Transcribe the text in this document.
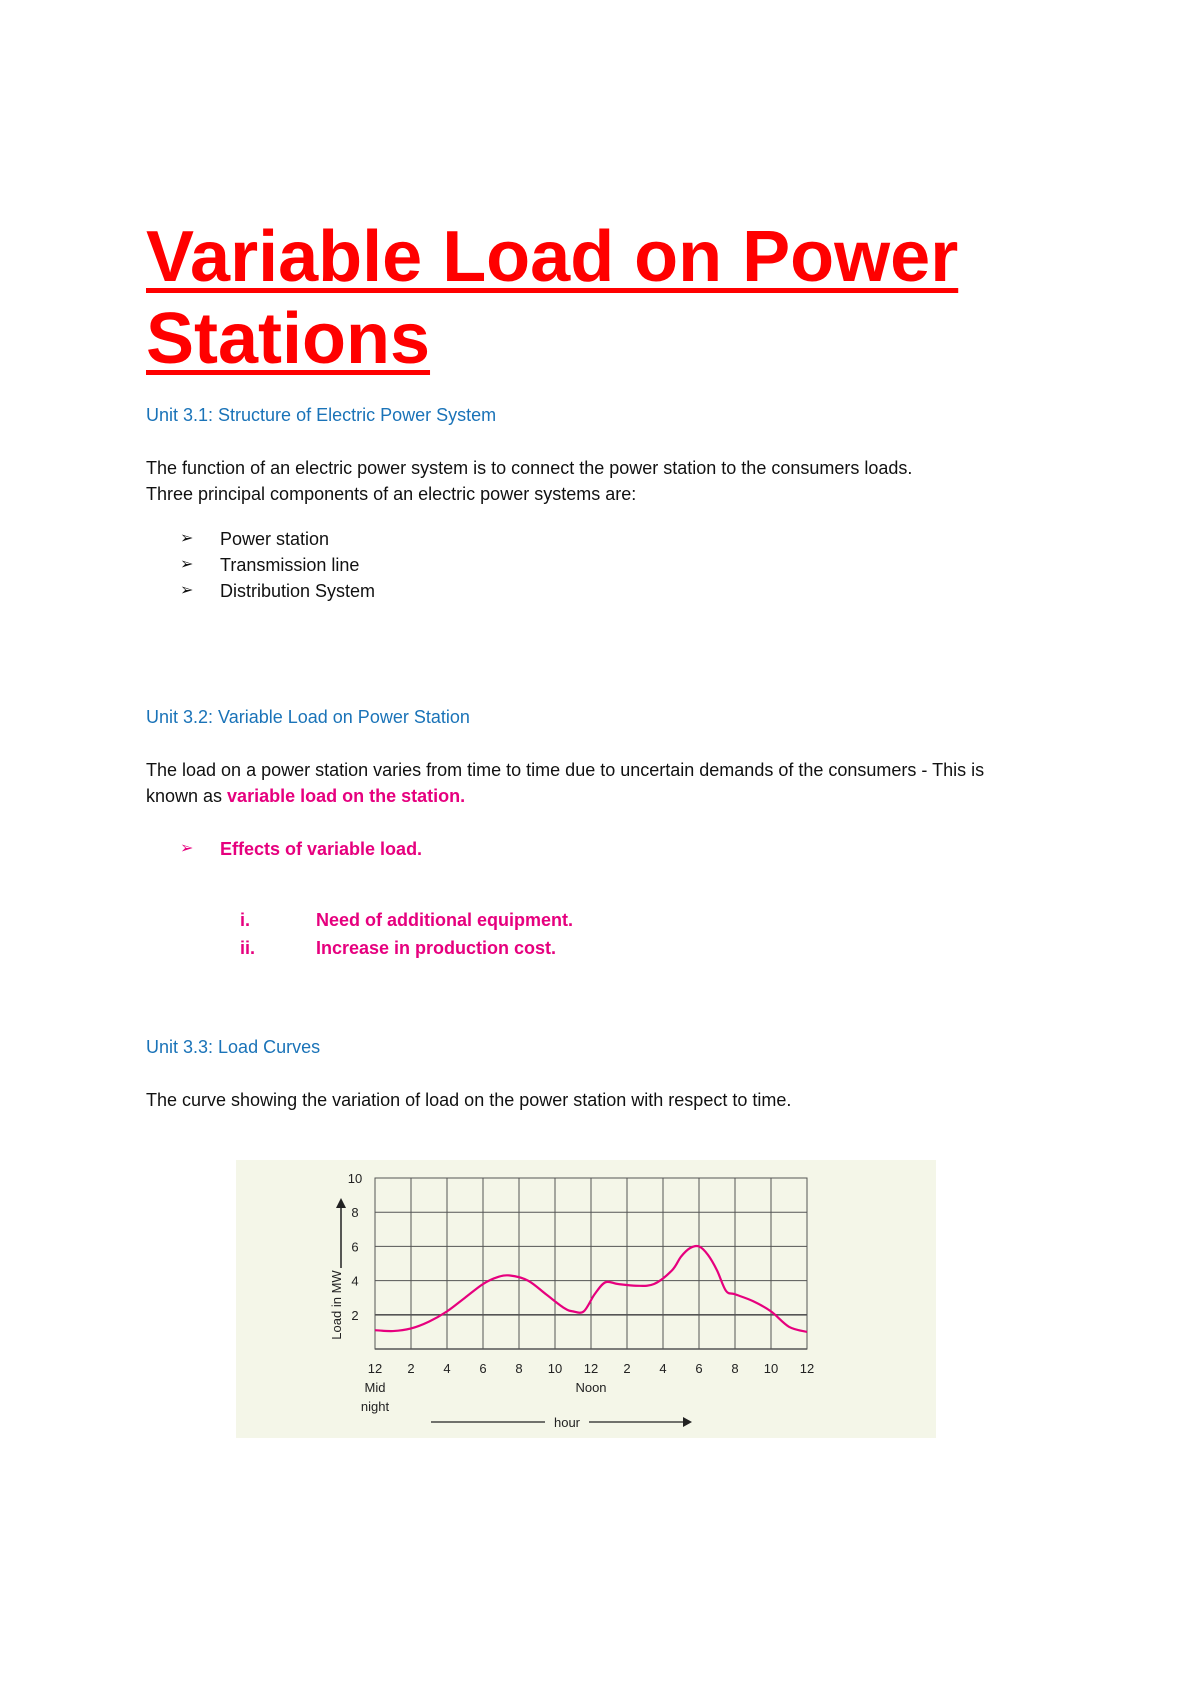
Variable Load on Power Stations
Unit 3.1: Structure of Electric Power System

The function of an electric power system is to connect the power station to the consumers loads.

Three principal components of an electric power systems are:

➢	Power station
➢	Transmission line
➢	Distribution System
Unit 3.2: Variable Load on Power Station

The load on a power station varies from time to time due to uncertain demands of the consumers - This is

known as variable load on the station.

➢	Effects of variable load.
i.	Need of additional equipment.
ii.	Increase in production cost.
Unit 3.3: Load Curves

The curve showing the variation of load on the power station with respect to time.

2
4
6
8
10
12
Mid
night
2 4 6 8 10 12
Noon
2 4 6 8 10 12
Load in MW
hour
